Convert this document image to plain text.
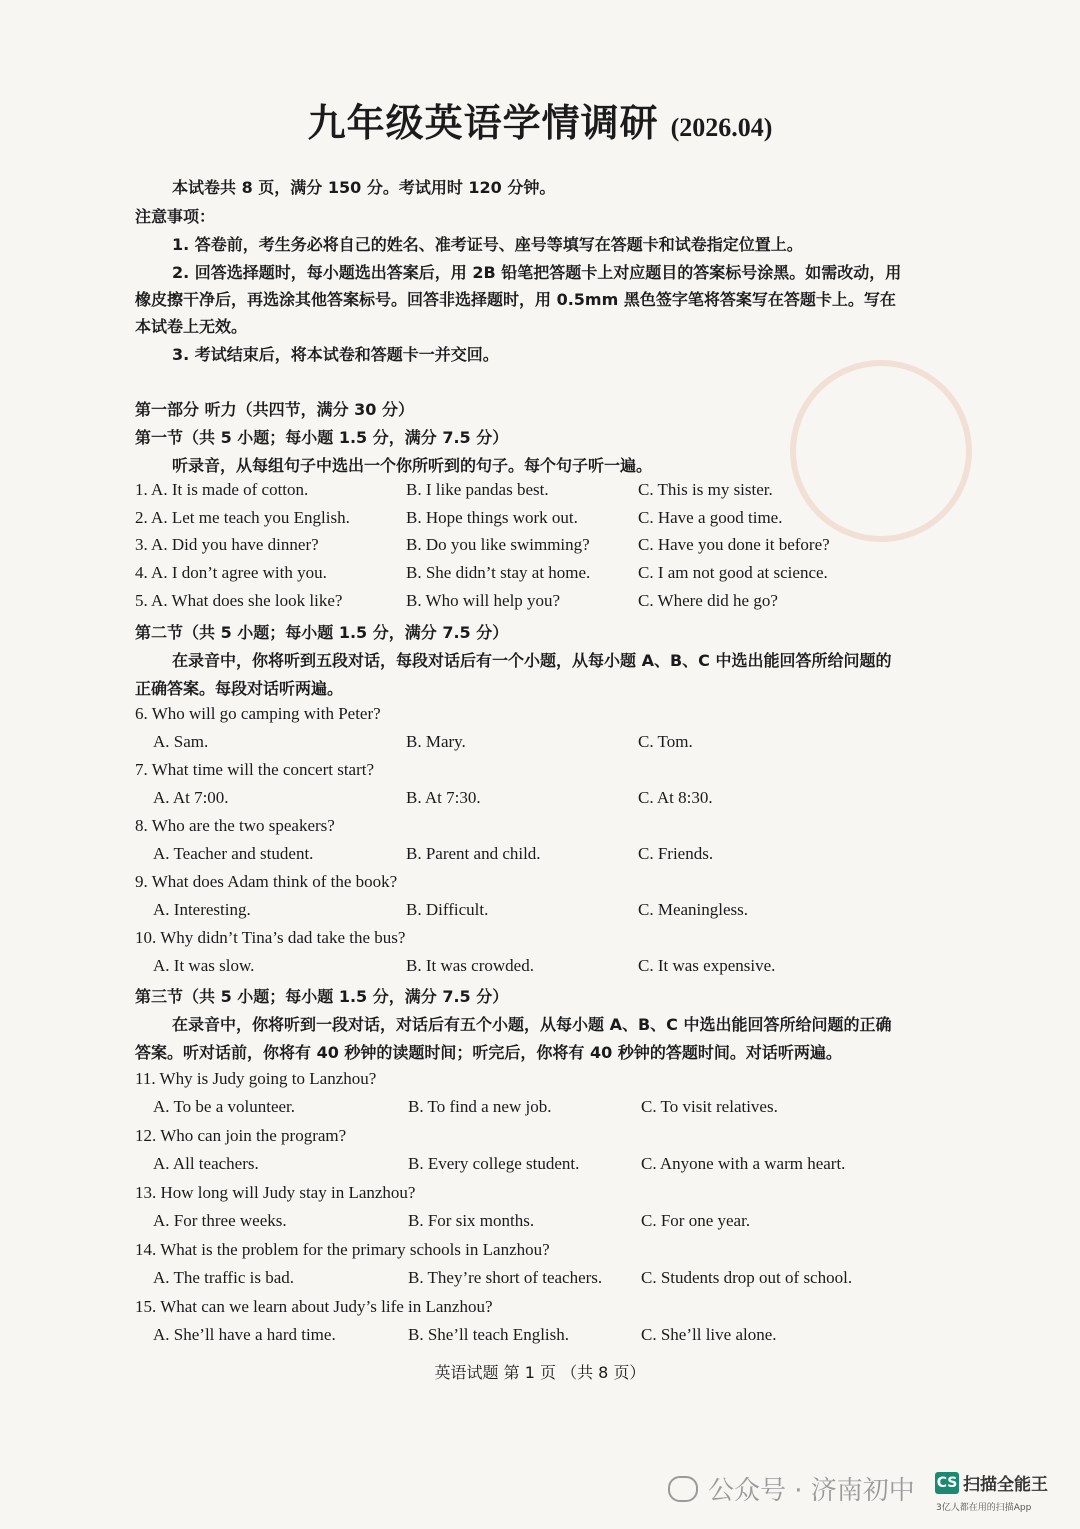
九年级英语学情调研 (2026.04)
本试卷共 8 页，满分 150 分。考试用时 120 分钟。
注意事项：
1. 答卷前，考生务必将自己的姓名、准考证号、座号等填写在答题卡和试卷指定位置上。
2. 回答选择题时，每小题选出答案后，用 2B 铅笔把答题卡上对应题目的答案标号涂黑。如需改动，用
橡皮擦干净后，再选涂其他答案标号。回答非选择题时，用 0.5mm 黑色签字笔将答案写在答题卡上。写在
本试卷上无效。
3. 考试结束后，将本试卷和答题卡一并交回。
第一部分 听力（共四节，满分 30 分）
第一节（共 5 小题；每小题 1.5 分，满分 7.5 分）
听录音，从每组句子中选出一个你所听到的句子。每个句子听一遍。
1. A. It is made of cotton.	B. I like pandas best.	C. This is my sister.
2. A. Let me teach you English.	B. Hope things work out.	C. Have a good time.
3. A. Did you have dinner?	B. Do you like swimming?	C. Have you done it before?
4. A. I don’t agree with you.	B. She didn’t stay at home.	C. I am not good at science.
5. A. What does she look like?	B. Who will help you?	C. Where did he go?
第二节（共 5 小题；每小题 1.5 分，满分 7.5 分）
在录音中，你将听到五段对话，每段对话后有一个小题，从每小题 A、B、C 中选出能回答所给问题的
正确答案。每段对话听两遍。
6. Who will go camping with Peter?
A. Sam.	B. Mary.	C. Tom.
7. What time will the concert start?
A. At 7:00.	B. At 7:30.	C. At 8:30.
8. Who are the two speakers?
A. Teacher and student.	B. Parent and child.	C. Friends.
9. What does Adam think of the book?
A. Interesting.	B. Difficult.	C. Meaningless.
10. Why didn’t Tina’s dad take the bus?
A. It was slow.	B. It was crowded.	C. It was expensive.
第三节（共 5 小题；每小题 1.5 分，满分 7.5 分）
在录音中，你将听到一段对话，对话后有五个小题，从每小题 A、B、C 中选出能回答所给问题的正确
答案。听对话前，你将有 40 秒钟的读题时间；听完后，你将有 40 秒钟的答题时间。对话听两遍。
11. Why is Judy going to Lanzhou?
A. To be a volunteer.	B. To find a new job.	C. To visit relatives.
12. Who can join the program?
A. All teachers.	B. Every college student.	C. Anyone with a warm heart.
13. How long will Judy stay in Lanzhou?
A. For three weeks.	B. For six months.	C. For one year.
14. What is the problem for the primary schools in Lanzhou?
A. The traffic is bad.	B. They’re short of teachers. C. Students drop out of school.
15. What can we learn about Judy’s life in Lanzhou?
A. She’ll have a hard time.	B. She’ll teach English.	C. She’ll live alone.
英语试题 第 1 页 （共 8 页）
公众号 · 济南初中 CS 扫描全能王
3亿人都在用的扫描App
